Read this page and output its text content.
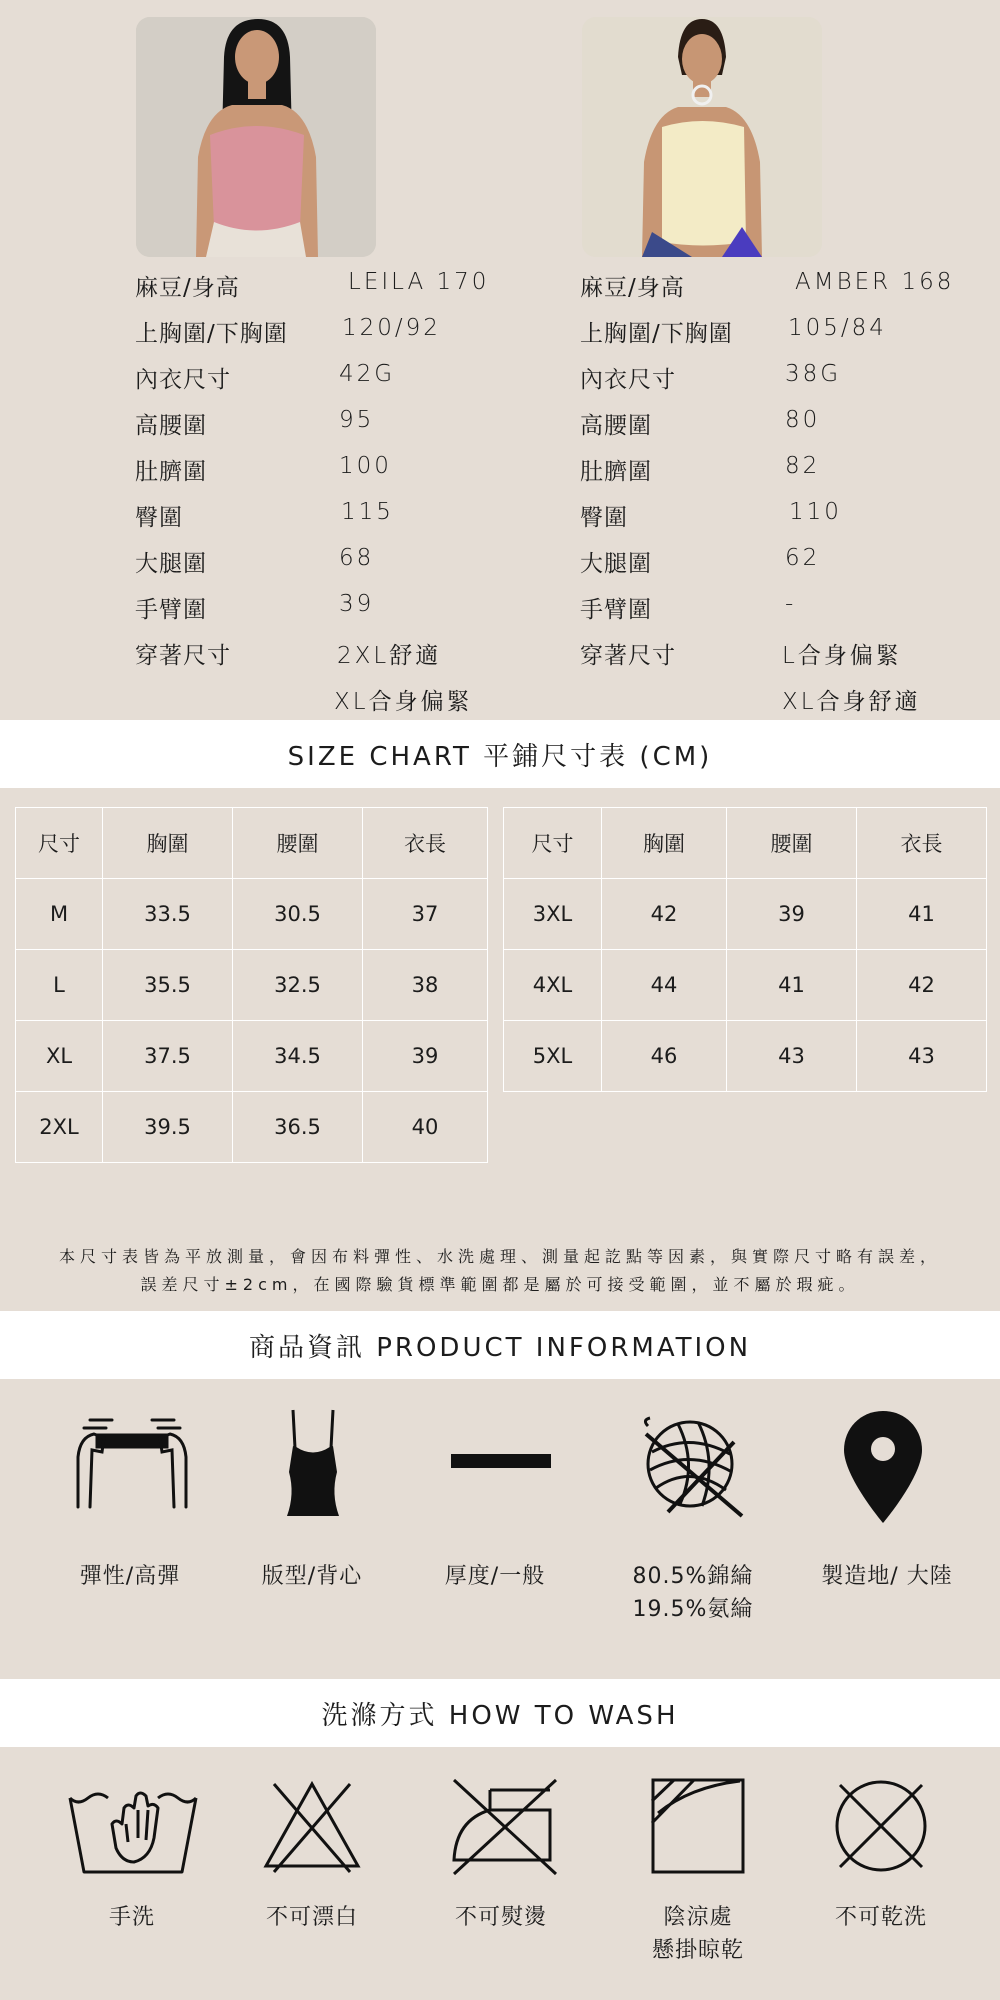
麻豆/身高	LEILA 170
上胸圍/下胸圍 120/92
內衣尺寸	42G
高腰圍	95
肚臍圍	100
臀圍	115
大腿圍	68
手臂圍	39
穿著尺寸	2XL舒適
XL合身偏緊
麻豆/身高	AMBER 168
上胸圍/下胸圍 105/84
內衣尺寸	38G
高腰圍	80
肚臍圍	82
臀圍	110
大腿圍	62
手臂圍	-
穿著尺寸	L合身偏緊
XL合身舒適
SIZE CHART 平鋪尺寸表 (CM)
尺寸	胸圍	腰圍	衣長
M	33.5	30.5	37
L	35.5	32.5	38
XL	37.5	34.5	39
2XL	39.5	36.5	40
尺寸	胸圍	腰圍	衣長
3XL	42	39	41
4XL	44	41	42
5XL	46	43	43
本尺寸表皆為平放測量，會因布料彈性、水洗處理、測量起訖點等因素，與實際尺寸略有誤差，
誤差尺寸±2cm，在國際驗貨標準範圍都是屬於可接受範圍，並不屬於瑕疵。
商品資訊 PRODUCT INFORMATION
彈性/高彈	版型/背心	厚度/一般	80.5%錦綸
19.5%氨綸
製造地/ 大陸
洗滌方式 HOW TO WASH
手洗	不可漂白	不可熨燙	陰涼處
懸掛晾乾
不可乾洗
